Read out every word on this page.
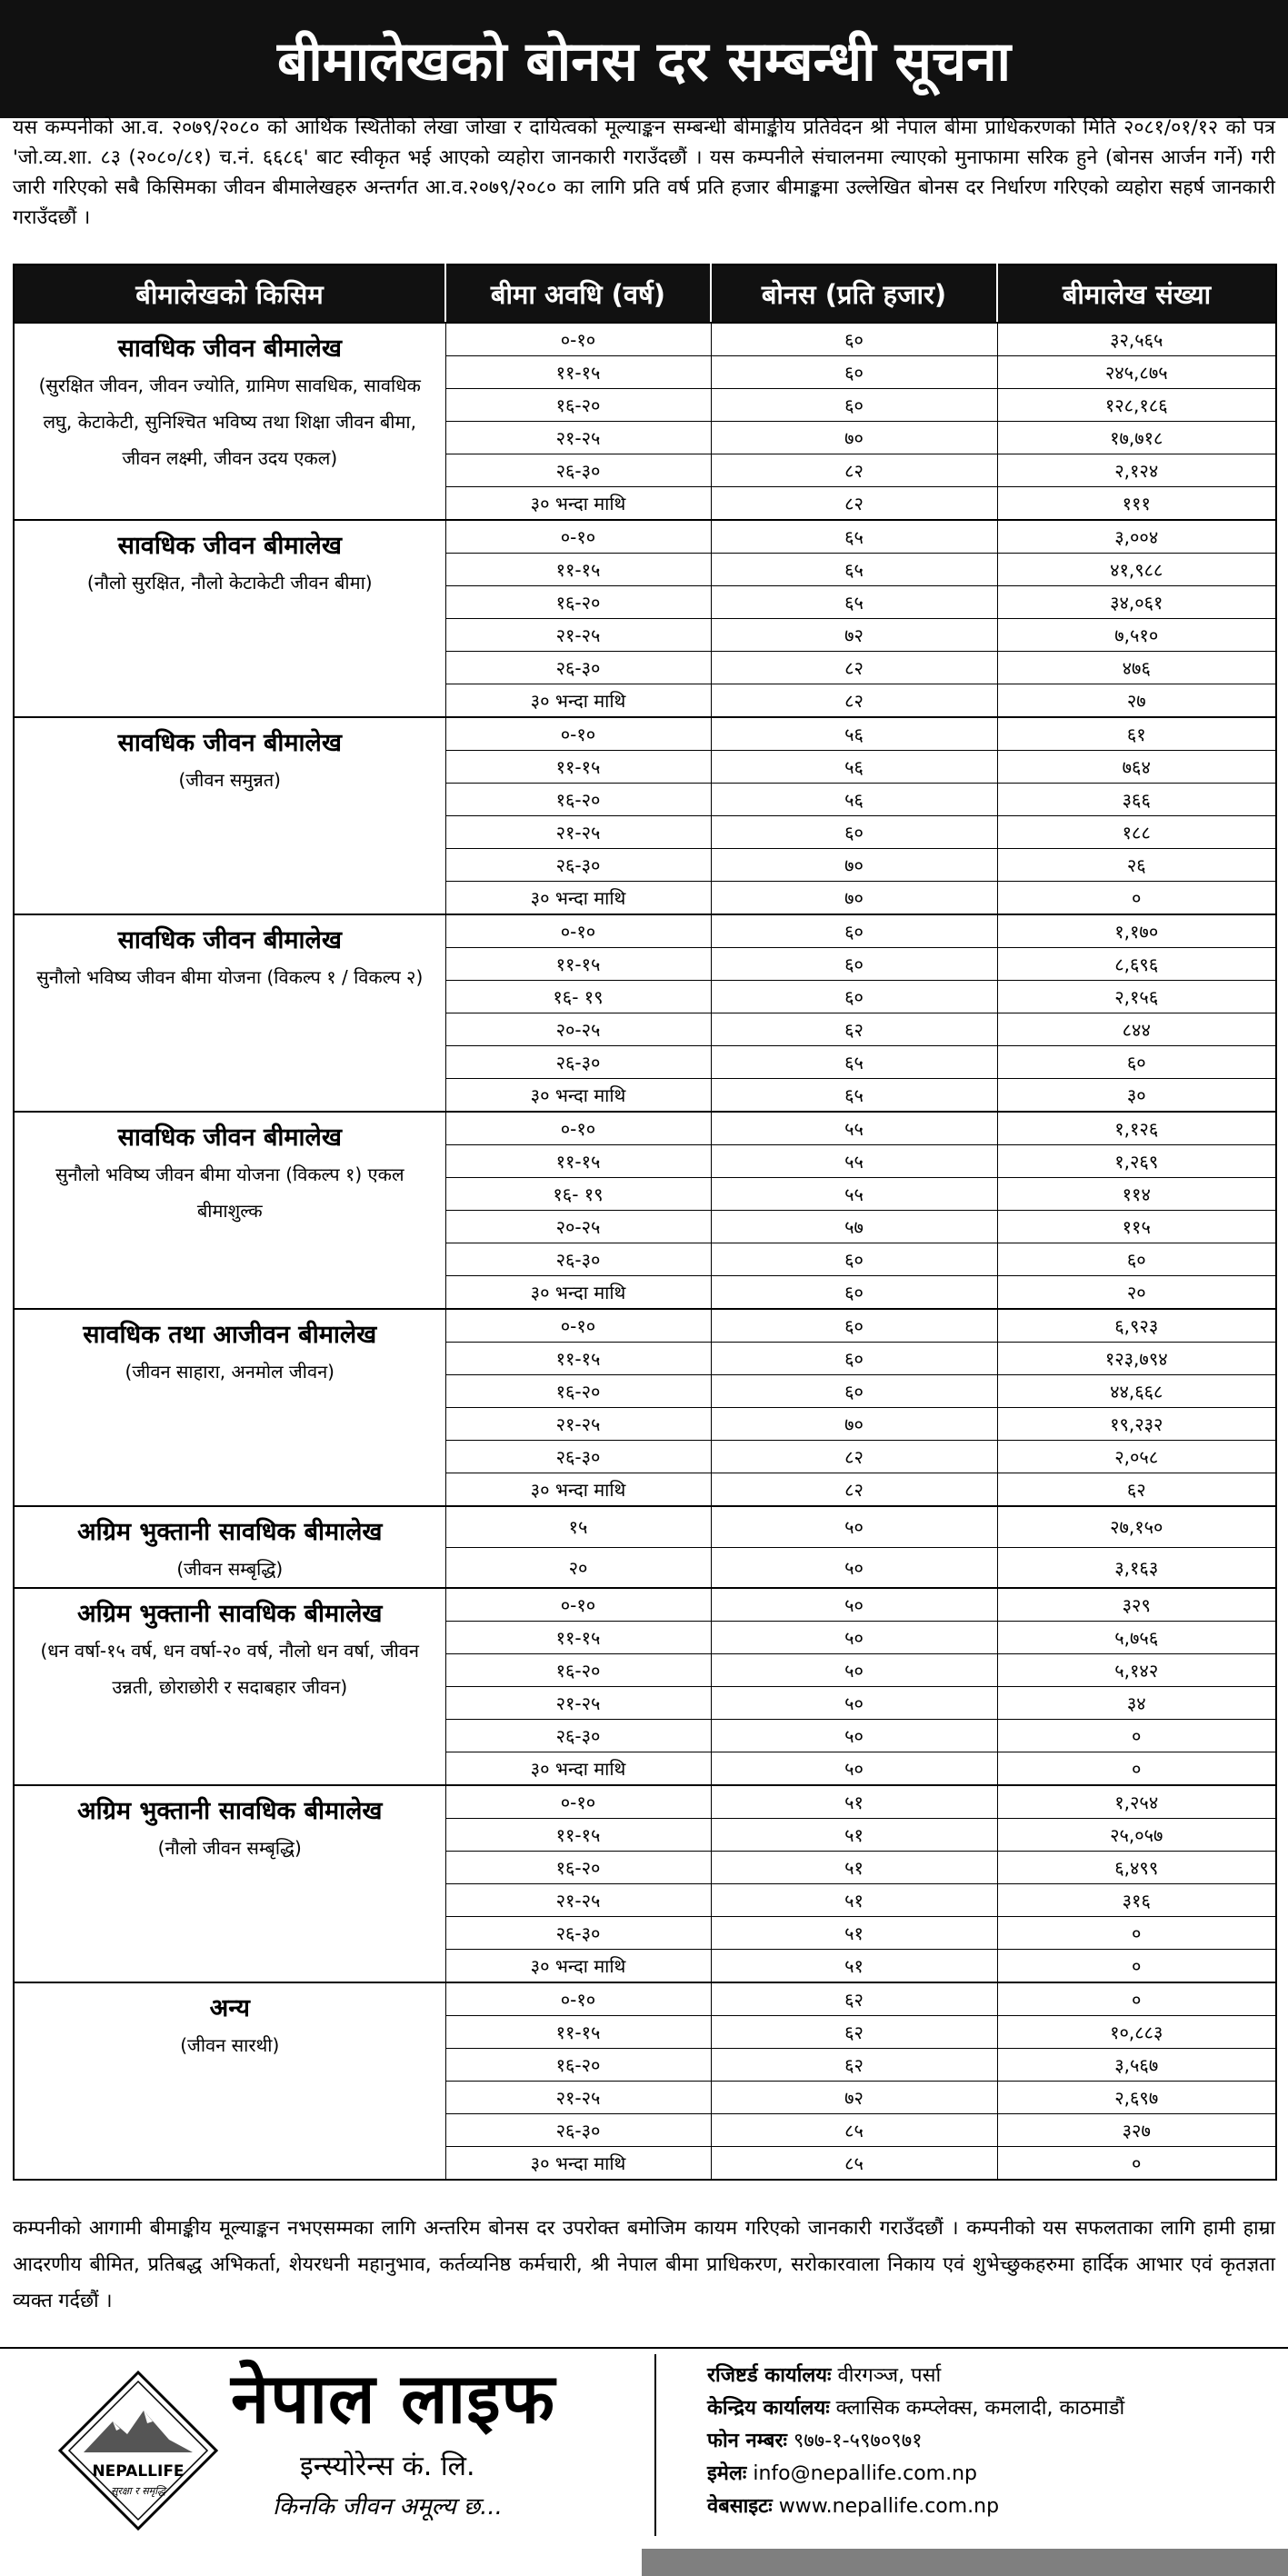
बीमालेखको बोनस दर सम्बन्धी सूचना
यस कम्पनीको आ.व. २०७९/२०८० को आर्थिक स्थितीको लेखा जोखा र दायित्वको मूल्याङ्कन सम्बन्धी बीमाङ्कीय प्रतिवेदन श्री नेपाल बीमा प्राधिकरणको मिति २०८१/०१/१२ को पत्र 'जो.व्य.शा. ८३ (२०८०/८१) च.नं. ६६८६' बाट स्वीकृत भई आएको व्यहोरा जानकारी गराउँदछौं । यस कम्पनीले संचालनमा ल्याएको मुनाफामा सरिक हुने (बोनस आर्जन गर्ने) गरी जारी गरिएको सबै किसिमका जीवन बीमालेखहरु अन्तर्गत आ.व.२०७९/२०८० का लागि प्रति वर्ष प्रति हजार बीमाङ्कमा उल्लेखित बोनस दर निर्धारण गरिएको व्यहोरा सहर्ष जानकारी गराउँदछौं ।
बीमालेखको किसिम	बीमा अवधि (वर्ष)	बोनस (प्रति हजार)	बीमालेख संख्या

सावधिक जीवन बीमालेख
(सुरक्षित जीवन, जीवन ज्योति, ग्रामिण सावधिक, सावधिक लघु, केटाकेटी, सुनिश्चित भविष्य तथा शिक्षा जीवन बीमा, जीवन लक्ष्मी, जीवन उदय एकल)	०-१०	६०	३२,५६५
	११-१५	६०	२४५,८७५
	१६-२०	६०	१२८,१८६
	२१-२५	७०	१७,७१८
	२६-३०	८२	२,१२४
	३० भन्दा माथि	८२	१११

सावधिक जीवन बीमालेख
(नौलो सुरक्षित, नौलो केटाकेटी जीवन बीमा)	०-१०	६५	३,००४
	११-१५	६५	४१,९८८
	१६-२०	६५	३४,०६१
	२१-२५	७२	७,५१०
	२६-३०	८२	४७६
	३० भन्दा माथि	८२	२७

सावधिक जीवन बीमालेख
(जीवन समुन्नत)	०-१०	५६	६१
	११-१५	५६	७६४
	१६-२०	५६	३६६
	२१-२५	६०	१८८
	२६-३०	७०	२६
	३० भन्दा माथि	७०	०

सावधिक जीवन बीमालेख
सुनौलो भविष्य जीवन बीमा योजना (विकल्प १ / विकल्प २)	०-१०	६०	१,१७०
	११-१५	६०	८,६९६
	१६- १९	६०	२,१५६
	२०-२५	६२	८४४
	२६-३०	६५	६०
	३० भन्दा माथि	६५	३०

सावधिक जीवन बीमालेख
सुनौलो भविष्य जीवन बीमा योजना (विकल्प १) एकल बीमाशुल्क	०-१०	५५	१,१२६
	११-१५	५५	१,२६९
	१६- १९	५५	११४
	२०-२५	५७	११५
	२६-३०	६०	६०
	३० भन्दा माथि	६०	२०

सावधिक तथा आजीवन बीमालेख
(जीवन साहारा, अनमोल जीवन)	०-१०	६०	६,९२३
	११-१५	६०	१२३,७९४
	१६-२०	६०	४४,६६८
	२१-२५	७०	१९,२३२
	२६-३०	८२	२,०५८
	३० भन्दा माथि	८२	६२

अग्रिम भुक्तानी सावधिक बीमालेख
(जीवन सम्बृद्धि)	१५	५०	२७,१५०
	२०	५०	३,१६३

अग्रिम भुक्तानी सावधिक बीमालेख
(धन वर्षा-१५ वर्ष, धन वर्षा-२० वर्ष, नौलो धन वर्षा, जीवन उन्नती, छोराछोरी र सदाबहार जीवन)	०-१०	५०	३२९
	११-१५	५०	५,७५६
	१६-२०	५०	५,१४२
	२१-२५	५०	३४
	२६-३०	५०	०
	३० भन्दा माथि	५०	०

अग्रिम भुक्तानी सावधिक बीमालेख
(नौलो जीवन सम्बृद्धि)	०-१०	५१	१,२५४
	११-१५	५१	२५,०५७
	१६-२०	५१	६,४९९
	२१-२५	५१	३१६
	२६-३०	५१	०
	३० भन्दा माथि	५१	०

अन्य
(जीवन सारथी)	०-१०	६२	०
	११-१५	६२	१०,८८३
	१६-२०	६२	३,५६७
	२१-२५	७२	२,६९७
	२६-३०	८५	३२७
	३० भन्दा माथि	८५	०
कम्पनीको आगामी बीमाङ्कीय मूल्याङ्कन नभएसम्मका लागि अन्तरिम बोनस दर उपरोक्त बमोजिम कायम गरिएको जानकारी गराउँदछौं । कम्पनीको यस सफलताका लागि हामी हाम्रा आदरणीय बीमित, प्रतिबद्ध अभिकर्ता, शेयरधनी महानुभाव, कर्तव्यनिष्ठ कर्मचारी, श्री नेपाल बीमा प्राधिकरण, सरोकारवाला निकाय एवं शुभेच्छुकहरुमा हार्दिक आभार एवं कृतज्ञता व्यक्त गर्दछौं ।
NEPALLIFE
सुरक्षा र समृद्धि
नेपाल लाइफ
इन्स्योरेन्स कं. लि.
किनकि जीवन अमूल्य छ...
रजिष्टर्ड कार्यालयः वीरगञ्ज, पर्सा
केन्द्रिय कार्यालयः क्लासिक कम्प्लेक्स, कमलादी, काठमाडौं
फोन नम्बरः ९७७-१-५९७०९७१
इमेलः info@nepallife.com.np
वेबसाइटः www.nepallife.com.np
